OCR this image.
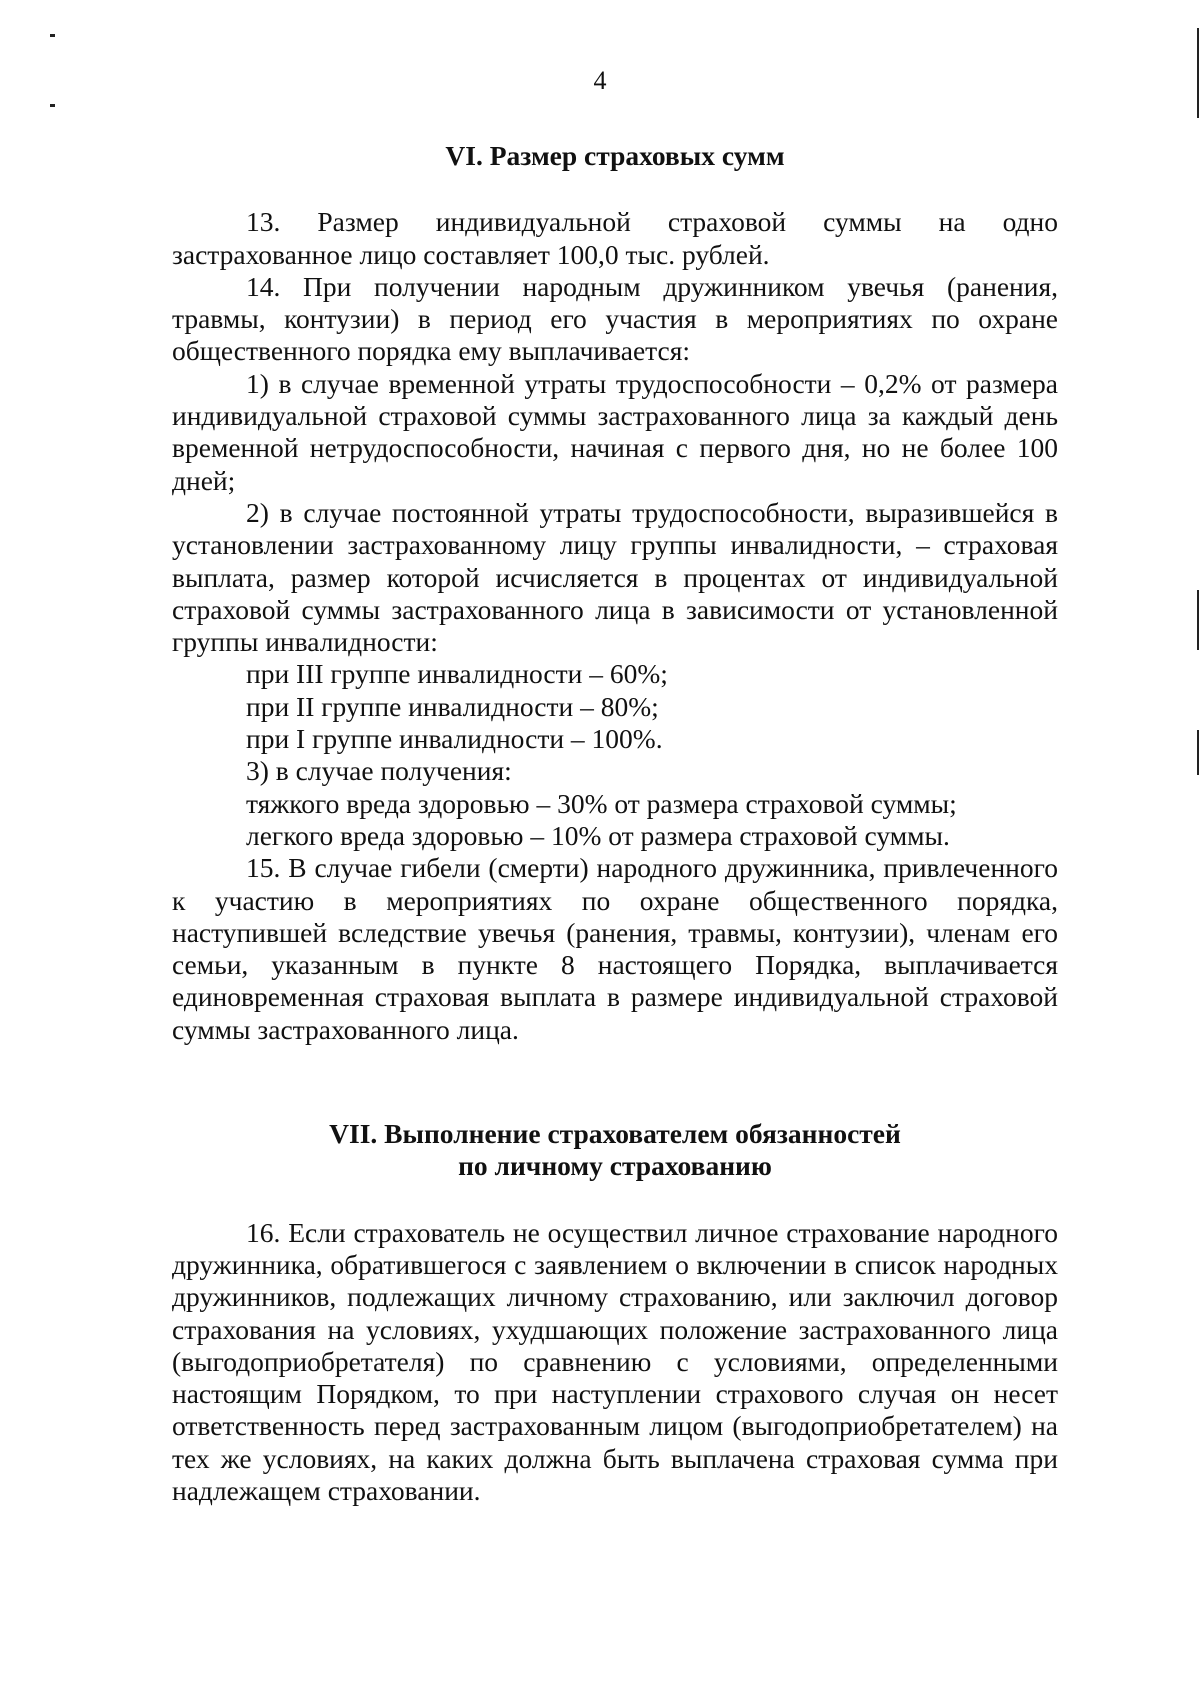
4

VI. Размер страховых сумм

13. Размер индивидуальной страховой суммы на одно застрахованное лицо составляет 100,0 тыс. рублей.

14. При получении народным дружинником увечья (ранения, травмы, контузии) в период его участия в мероприятиях по охране общественного порядка ему выплачивается:

1) в случае временной утраты трудоспособности – 0,2% от размера индивидуальной страховой суммы застрахованного лица за каждый день временной нетрудоспособности, начиная с первого дня, но не более 100 дней;

2) в случае постоянной утраты трудоспособности, выразившейся в установлении застрахованному лицу группы инвалидности, – страховая выплата, размер которой исчисляется в процентах от индивидуальной страховой суммы застрахованного лица в зависимости от установленной группы инвалидности:

при III группе инвалидности – 60%;

при II группе инвалидности – 80%;

при I группе инвалидности – 100%.

3) в случае получения:

тяжкого вреда здоровью – 30% от размера страховой суммы;

легкого вреда здоровью – 10% от размера страховой суммы.

15. В случае гибели (смерти) народного дружинника, привлеченного к участию в мероприятиях по охране общественного порядка, наступившей вследствие увечья (ранения, травмы, контузии), членам его семьи, указанным в пункте 8 настоящего Порядка, выплачивается единовременная страховая выплата в размере индивидуальной страховой суммы застрахованного лица.

VII. Выполнение страхователем обязанностей
по личному страхованию

16. Если страхователь не осуществил личное страхование народного дружинника, обратившегося с заявлением о включении в список народных дружинников, подлежащих личному страхованию, или заключил договор страхования на условиях, ухудшающих положение застрахованного лица (выгодоприобретателя) по сравнению с условиями, определенными настоящим Порядком, то при наступлении страхового случая он несет ответственность перед застрахованным лицом (выгодоприобретателем) на тех же условиях, на каких должна быть выплачена страховая сумма при надлежащем страховании.
